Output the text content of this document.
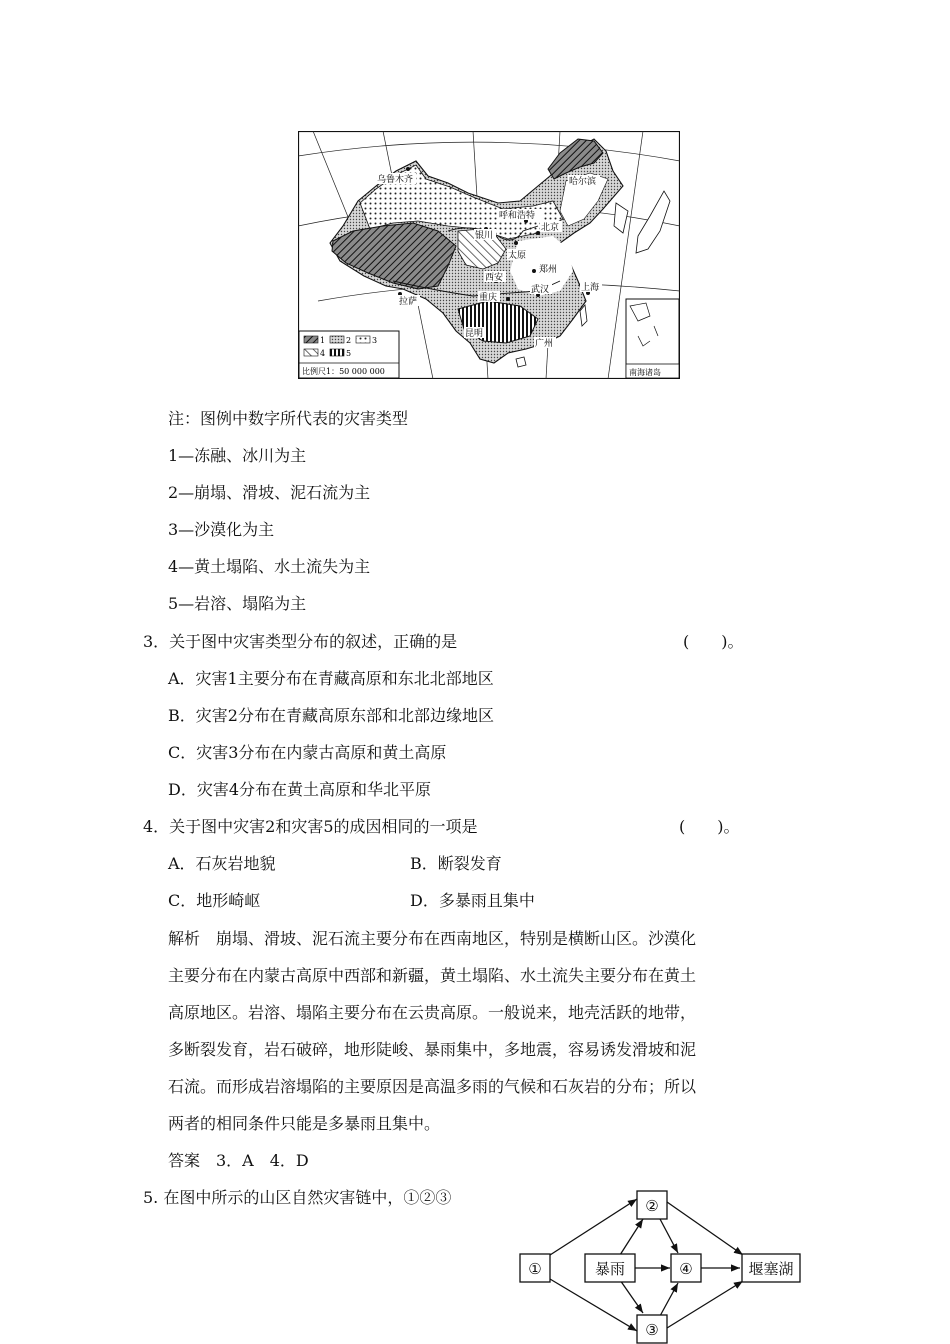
1	2	3
4	5
比例尺1：50 000 000	南海诸岛
乌鲁木齐	哈尔滨
呼和浩特
银川
北京
太原
郑州
西安
拉萨	重庆
武汉	上海
昆明
广州
注：图例中数字所代表的灾害类型
1—冻融、冰川为主
2—崩塌、滑坡、泥石流为主
3—沙漠化为主
4—黄土塌陷、水土流失为主
5—岩溶、塌陷为主
3．关于图中灾害类型分布的叙述，正确的是	(　　)。
A．灾害1主要分布在青藏高原和东北北部地区
B．灾害2分布在青藏高原东部和北部边缘地区
C．灾害3分布在内蒙古高原和黄土高原
D．灾害4分布在黄土高原和华北平原
4．关于图中灾害2和灾害5的成因相同的一项是	(　　)。
A．石灰岩地貌	B．断裂发育
C．地形崎岖	D．多暴雨且集中
解析　崩塌、滑坡、泥石流主要分布在西南地区，特别是横断山区。沙漠化
主要分布在内蒙古高原中西部和新疆，黄土塌陷、水土流失主要分布在黄土
高原地区。岩溶、塌陷主要分布在云贵高原。一般说来，地壳活跃的地带，
多断裂发育，岩石破碎，地形陡峻、暴雨集中，多地震，容易诱发滑坡和泥
石流。而形成岩溶塌陷的主要原因是高温多雨的气候和石灰岩的分布；所以
两者的相同条件只能是多暴雨且集中。
答案　3．A　4．D
5. 在图中所示的山区自然灾害链中，①②③
①	暴雨
②
④
③
堰塞湖
